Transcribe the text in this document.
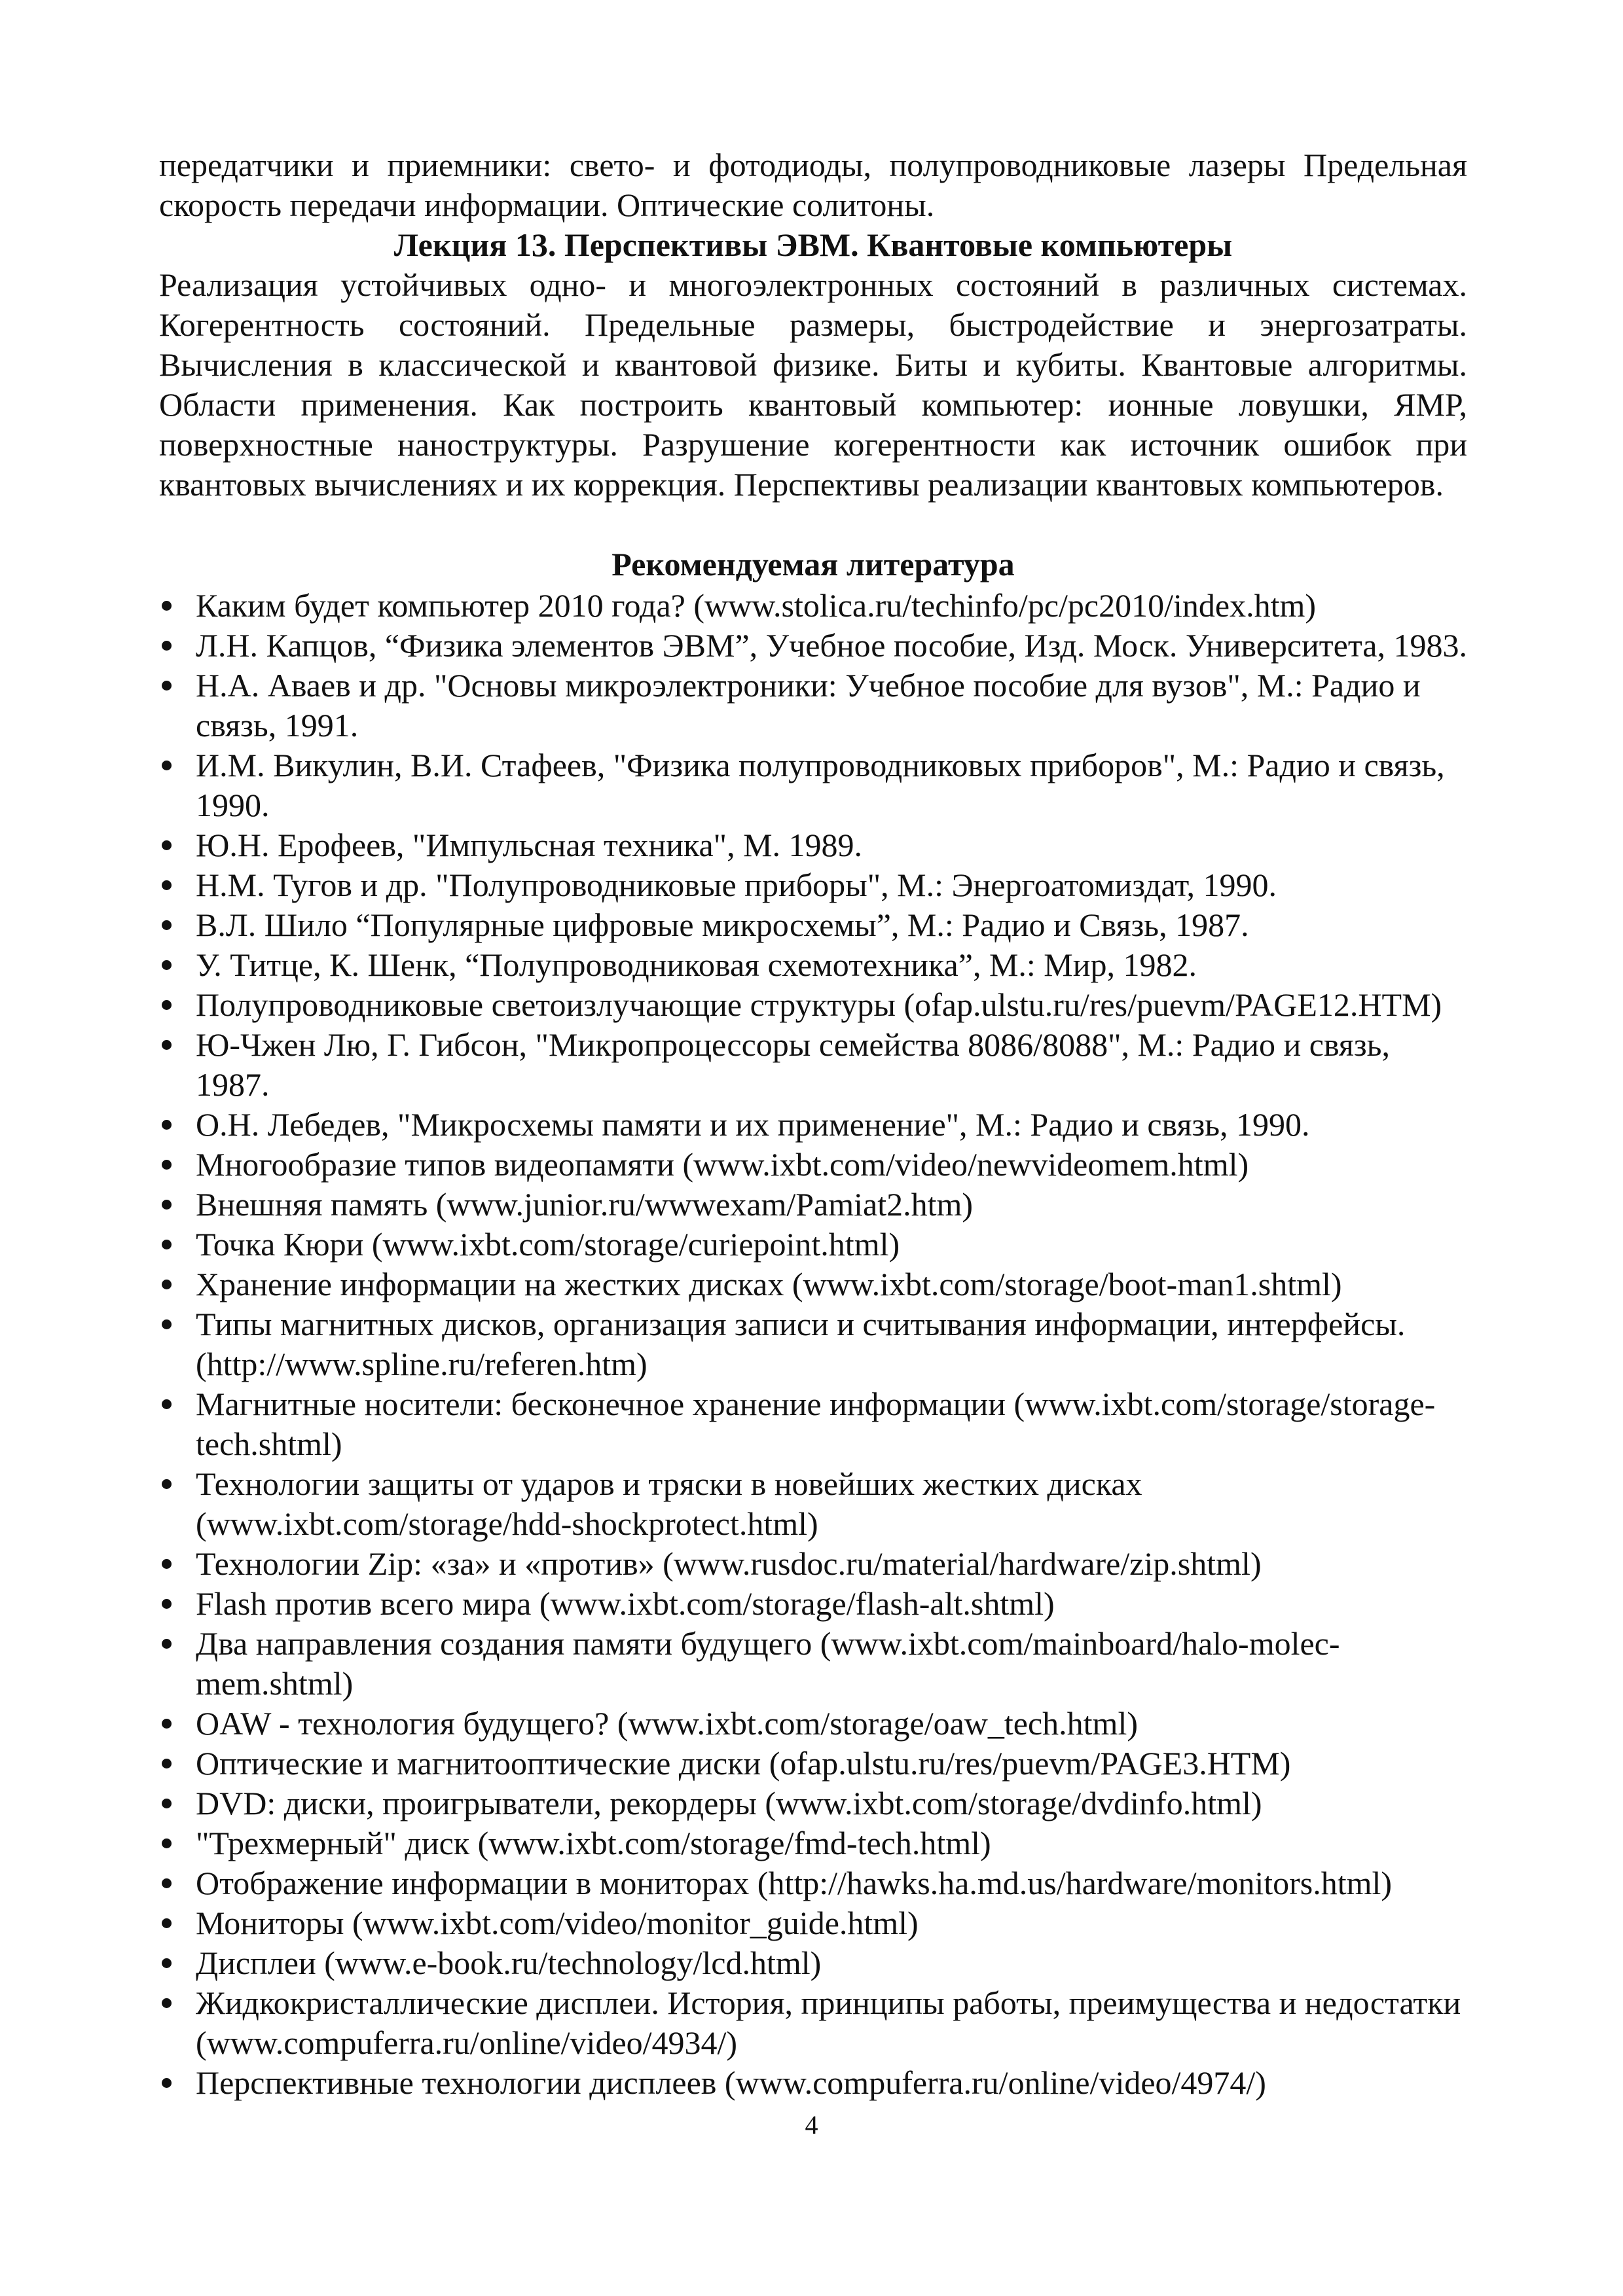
передатчики и приемники: свето- и фотодиоды, полупроводниковые лазеры Предельная скорость передачи информации. Оптические солитоны.

Лекция 13. Перспективы ЭВМ. Квантовые компьютеры

Реализация устойчивых одно- и многоэлектронных состояний в различных системах. Когерентность состояний. Предельные размеры, быстродействие и энергозатраты. Вычисления в классической и квантовой физике. Биты и кубиты. Квантовые алгоритмы. Области применения. Как построить квантовый компьютер: ионные ловушки, ЯМР, поверхностные наноструктуры. Разрушение когерентности как источник ошибок при квантовых вычислениях и их коррекция. Перспективы реализации квантовых компьютеров.

Рекомендуемая литература
Каким будет компьютер 2010 года? (www.stolica.ru/techinfo/pc/pc2010/index.htm)
Л.Н. Капцов, “Физика элементов ЭВМ”, Учебное пособие, Изд. Моск. Университета, 1983.
Н.А. Аваев и др. "Основы микроэлектроники: Учебное пособие для вузов", М.: Радио и связь, 1991.
И.М. Викулин, В.И. Стафеев, "Физика полупроводниковых приборов", М.: Радио и связь, 1990.
Ю.Н. Ерофеев, "Импульсная техника", М. 1989.
Н.М. Тугов и др. "Полупроводниковые приборы", М.: Энергоатомиздат, 1990.
В.Л. Шило “Популярные цифровые микросхемы”, М.: Радио и Связь, 1987.
У. Титце, К. Шенк, “Полупроводниковая схемотехника”, М.: Мир, 1982.
Полупроводниковые светоизлучающие структуры (ofap.ulstu.ru/res/puevm/PAGE12.HTM)
Ю-Чжен Лю, Г. Гибсон, "Микропроцессоры семейства 8086/8088", М.: Радио и связь, 1987.
О.Н. Лебедев, "Микросхемы памяти и их применение", М.: Радио и связь, 1990.
Многообразие типов видеопамяти (www.ixbt.com/video/newvideomem.html)
Внешняя память (www.junior.ru/wwwexam/Pamiat2.htm)
Точка Кюри (www.ixbt.com/storage/curiepoint.html)
Хранение информации на жестких дисках (www.ixbt.com/storage/boot-man1.shtml)
Типы магнитных дисков, организация записи и считывания информации, интерфейсы. (http://www.spline.ru/referen.htm)
Магнитные носители: бесконечное хранение информации (www.ixbt.com/storage/storage-tech.shtml)
Технологии защиты от ударов и тряски в новейших жестких дисках (www.ixbt.com/storage/hdd-shockprotect.html)
Технологии Zip: «за» и «против» (www.rusdoc.ru/material/hardware/zip.shtml)
Flash против всего мира (www.ixbt.com/storage/flash-alt.shtml)
Два направления создания памяти будущего (www.ixbt.com/mainboard/halo-molec-mem.shtml)
OAW - технология будущего? (www.ixbt.com/storage/oaw_tech.html)
Оптические и магнитооптические диски (ofap.ulstu.ru/res/puevm/PAGE3.HTM)
DVD: диски, проигрыватели, рекордеры (www.ixbt.com/storage/dvdinfo.html)
"Трехмерный" диск (www.ixbt.com/storage/fmd-tech.html)
Отображение информации в мониторах (http://hawks.ha.md.us/hardware/monitors.html)
Мониторы (www.ixbt.com/video/monitor_guide.html)
Дисплеи (www.e-book.ru/technology/lcd.html)
Жидкокристаллические дисплеи. История, принципы работы, преимущества и недостатки (www.compuferra.ru/online/video/4934/)
Перспективные технологии дисплеев (www.compuferra.ru/online/video/4974/)
4
